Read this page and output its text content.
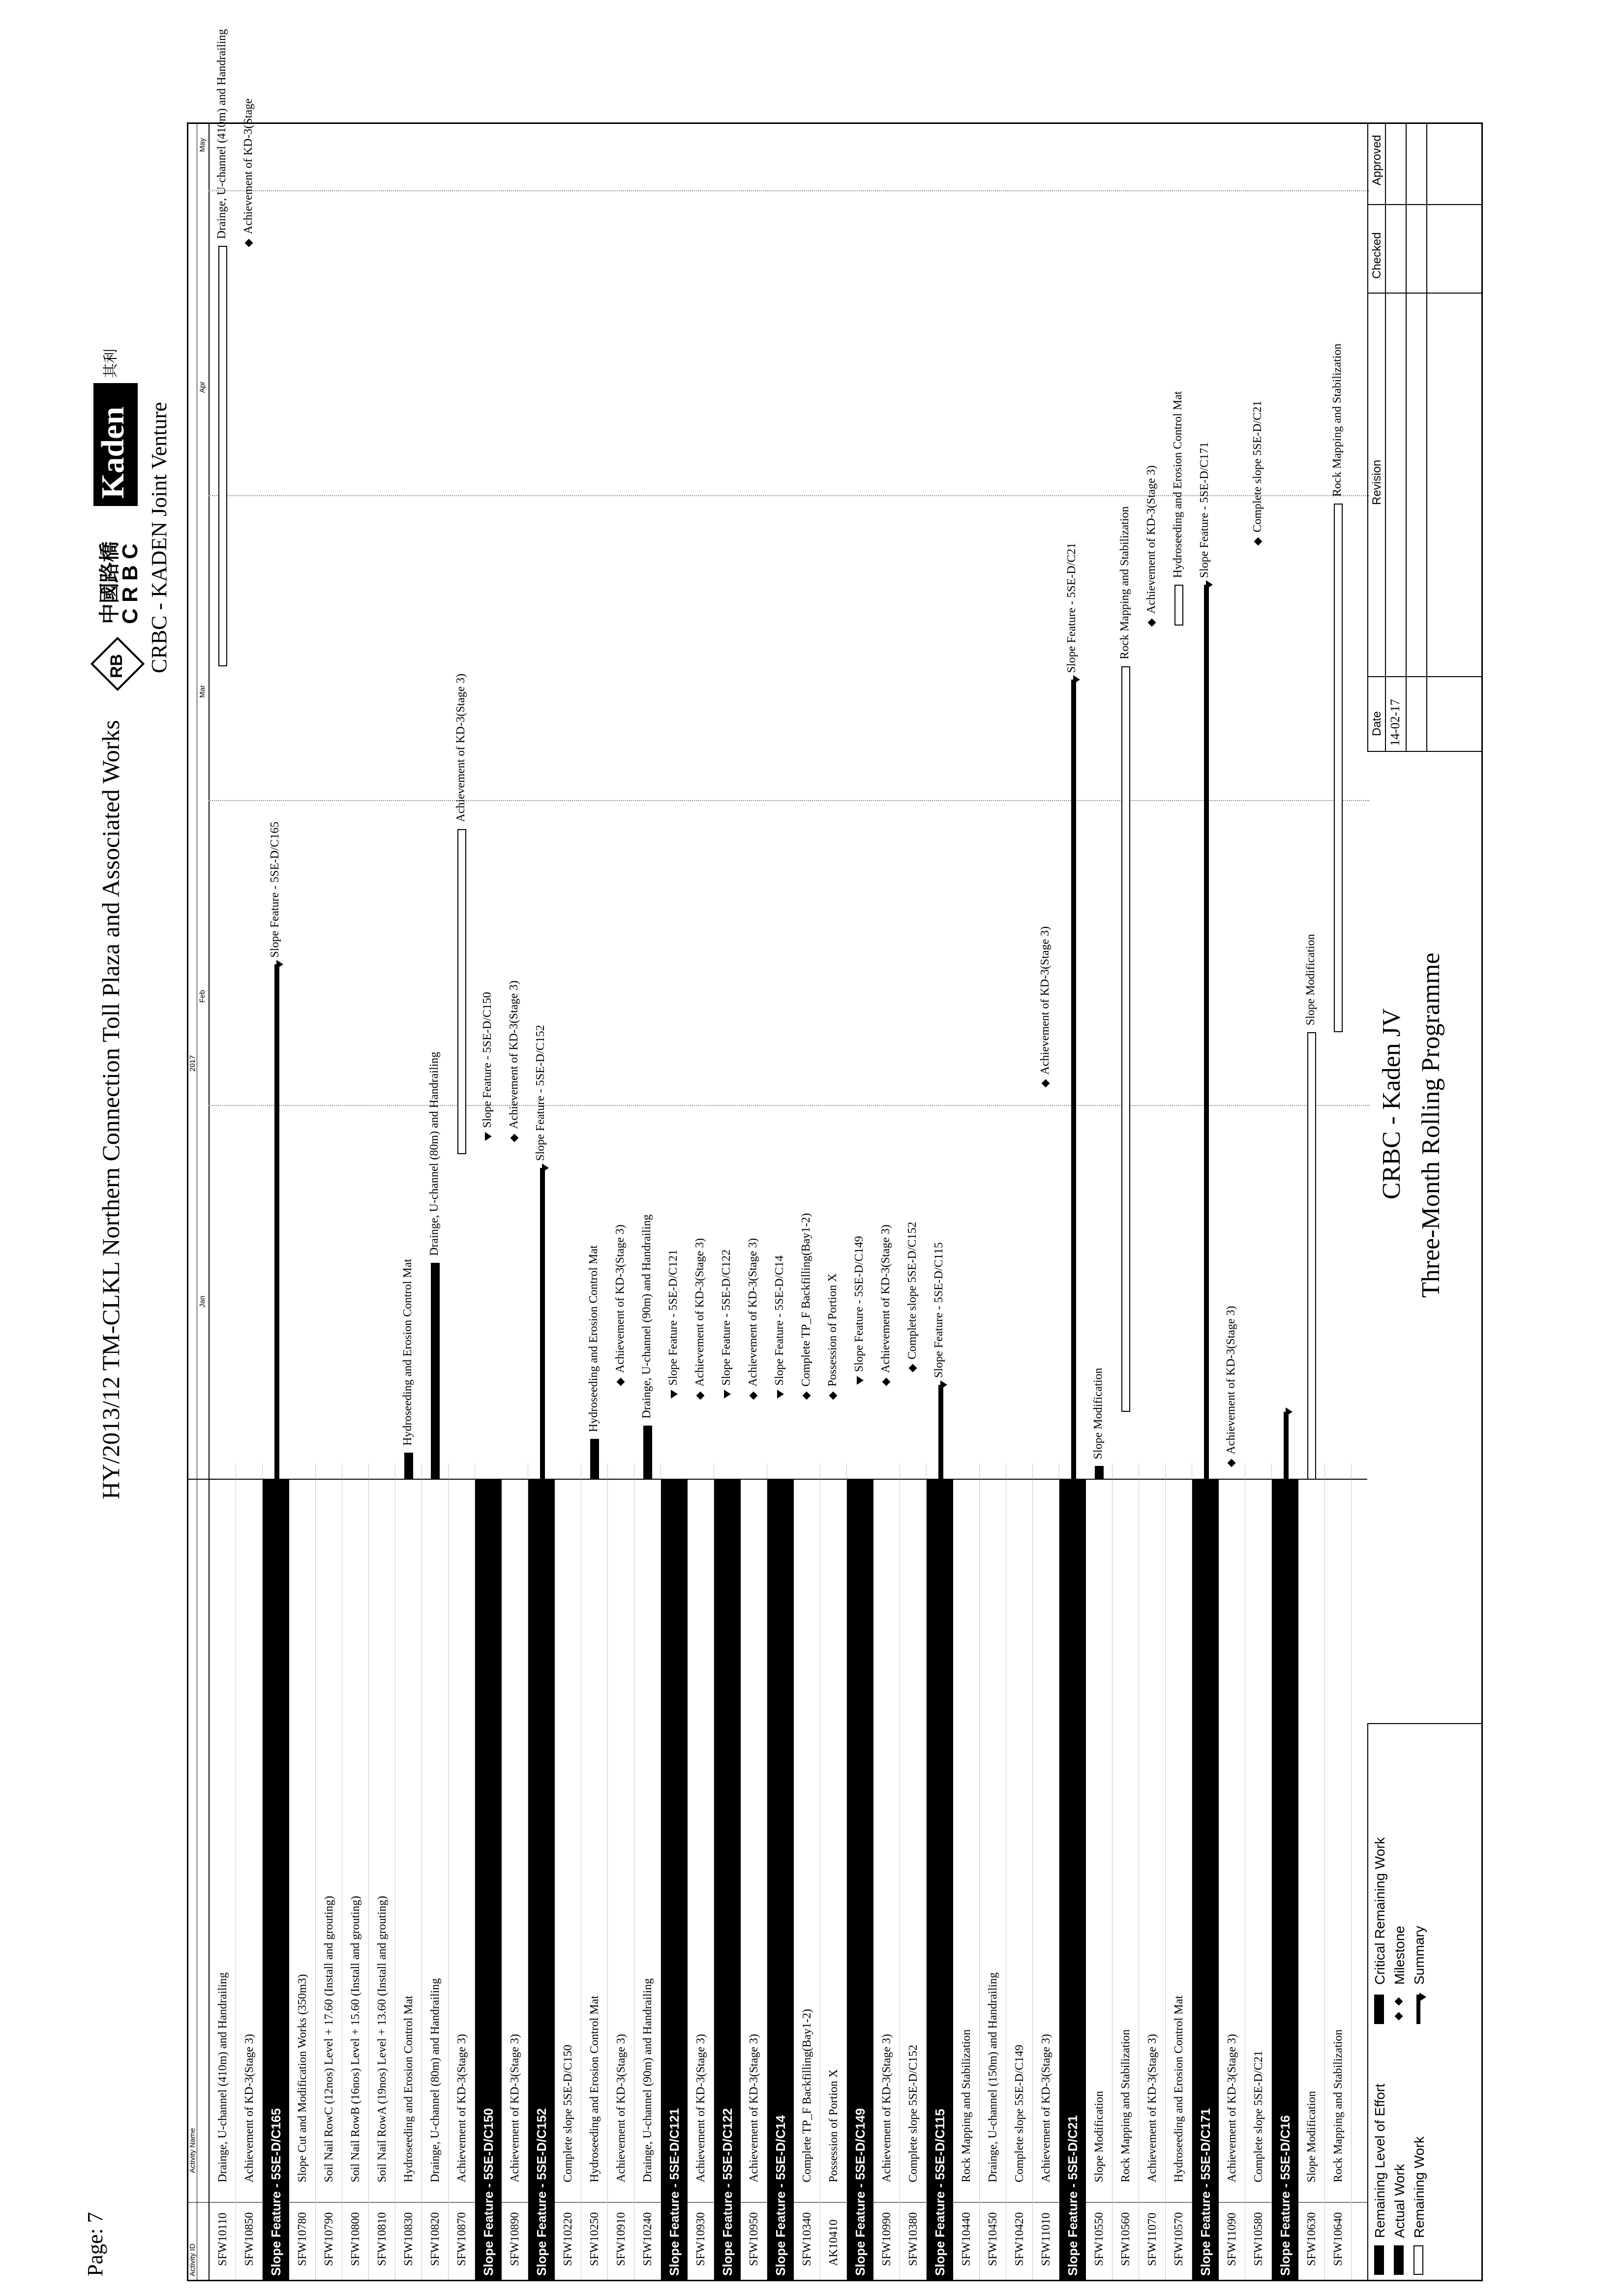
Page: 7
HY/2013/12 TM-CLKL Northern Connection Toll Plaza and Associated Works
RB
中國路橋
C R B C
Kaden
其利
CRBC - KADEN Joint Venture
Activity ID
Activity Name
2017
Jan
Feb
Mar
Apr
May
SFW10110
Drainge, U-channel (410m) and Handrailing
Drainge, U-channel (410m) and Handrailing
SFW10850
Achievement of KD-3(Stage 3)
Achievement of KD-3(Stage
Slope Feature - 5SE-D/C165
Slope Feature - 5SE-D/C165
SFW10780
Slope Cut and Modification Works (350m3)
SFW10790
Soil Nail RowC (12nos) Level + 17.60 (Install and grouting)
SFW10800
Soil Nail RowB (16nos) Level + 15.60 (Install and grouting)
SFW10810
Soil Nail RowA (19nos) Level + 13.60 (Install and grouting)
SFW10830
Hydroseeding and Erosion Control Mat
Hydroseeding and Erosion Control Mat
SFW10820
Drainge, U-channel (80m) and Handrailing
Drainge, U-channel (80m) and Handrailing
SFW10870
Achievement of KD-3(Stage 3)
Achievement of KD-3(Stage 3)
Slope Feature - 5SE-D/C150
Slope Feature - 5SE-D/C150
SFW10890
Achievement of KD-3(Stage 3)
Achievement of KD-3(Stage 3)
Slope Feature - 5SE-D/C152
Slope Feature - 5SE-D/C152
SFW10220
Complete slope 5SE-D/C150
SFW10250
Hydroseeding and Erosion Control Mat
Hydroseeding and Erosion Control Mat
SFW10910
Achievement of KD-3(Stage 3)
Achievement of KD-3(Stage 3)
SFW10240
Drainge, U-channel (90m) and Handrailing
Drainge, U-channel (90m) and Handrailing
Slope Feature - 5SE-D/C121
Slope Feature - 5SE-D/C121
SFW10930
Achievement of KD-3(Stage 3)
Achievement of KD-3(Stage 3)
Slope Feature - 5SE-D/C122
Slope Feature - 5SE-D/C122
SFW10950
Achievement of KD-3(Stage 3)
Achievement of KD-3(Stage 3)
Slope Feature - 5SE-D/C14
Slope Feature - 5SE-D/C14
SFW10340
Complete TP_F Backfilling(Bay1-2)
Complete TP_F Backfilling(Bay1-2)
AK10410
Possession of Portion X
Possession of Portion X
Slope Feature - 5SE-D/C149
Slope Feature - 5SE-D/C149
SFW10990
Achievement of KD-3(Stage 3)
Achievement of KD-3(Stage 3)
SFW10380
Complete slope 5SE-D/C152
Complete slope 5SE-D/C152
Slope Feature - 5SE-D/C115
Slope Feature - 5SE-D/C115
SFW10440
Rock Mapping and Stabilization
SFW10450
Drainge, U-channel (150m) and Handrailing
SFW10420
Complete slope 5SE-D/C149
SFW11010
Achievement of KD-3(Stage 3)
Achievement of KD-3(Stage 3)
Slope Feature - 5SE-D/C21
Slope Feature - 5SE-D/C21
SFW10550
Slope Modification
Slope Modification
SFW10560
Rock Mapping and Stabilization
Rock Mapping and Stabilization
SFW11070
Achievement of KD-3(Stage 3)
Achievement of KD-3(Stage 3)
SFW10570
Hydroseeding and Erosion Control Mat
Hydroseeding and Erosion Control Mat
Slope Feature - 5SE-D/C171
Slope Feature - 5SE-D/C171
SFW11090
Achievement of KD-3(Stage 3)
Achievement of KD-3(Stage 3)
SFW10580
Complete slope 5SE-D/C21
Complete slope 5SE-D/C21
Slope Feature - 5SE-D/C16 SFW10630
Slope Modification
Slope Modification
SFW10640
Rock Mapping and Stabilization
Rock Mapping and Stabilization
Remaining Level of Effort
Critical Remaining Work
Actual Work
Milestone
Remaining Work
Summary
CRBC - Kaden JV Three-Month Rolling Programme
Date
Revision
Checked
Approved
14-02-17
